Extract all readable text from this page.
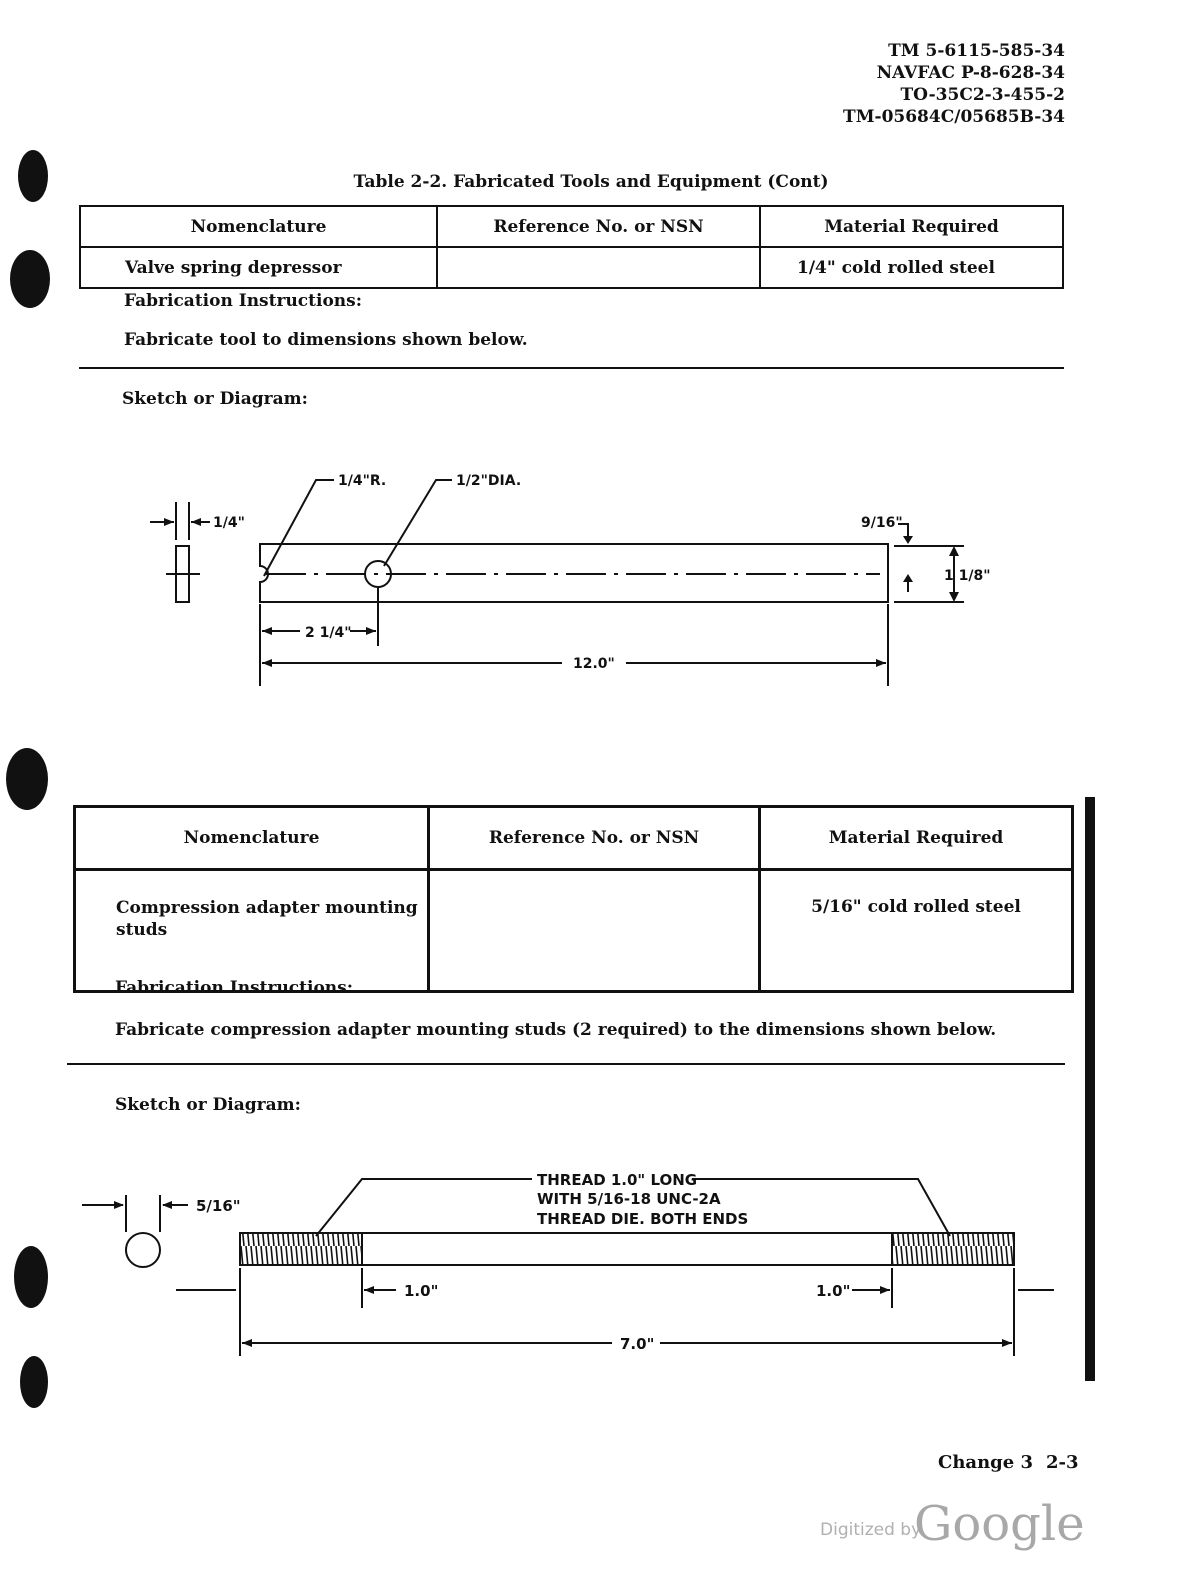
TM 5-6115-585-34
NAVFAC P-8-628-34
TO-35C2-3-455-2
TM-05684C/05685B-34
Table 2-2. Fabricated Tools and Equipment (Cont)
Nomenclature	Reference No. or NSN	Material Required
Valve spring depressor		1/4" cold rolled steel
Fabrication Instructions:
Fabricate tool to dimensions shown below.
Sketch or Diagram:
1/4"R.	1/2"DIA.
1/4"	9/16"
1 1/8"
2 1/4"
12.0"
Nomenclature	Reference No. or NSN	Material Required
Compression adapter mounting studs		5/16" cold rolled steel
Fabrication Instructions:
Fabricate compression adapter mounting studs (2 required) to the dimensions shown below.
Sketch or Diagram:
THREAD 1.0" LONG
WITH 5/16-18 UNC-2A
THREAD DIE. BOTH ENDS
5/16"
1.0"	1.0"
7.0"
Change 3 2-3
Digitized by
Google
